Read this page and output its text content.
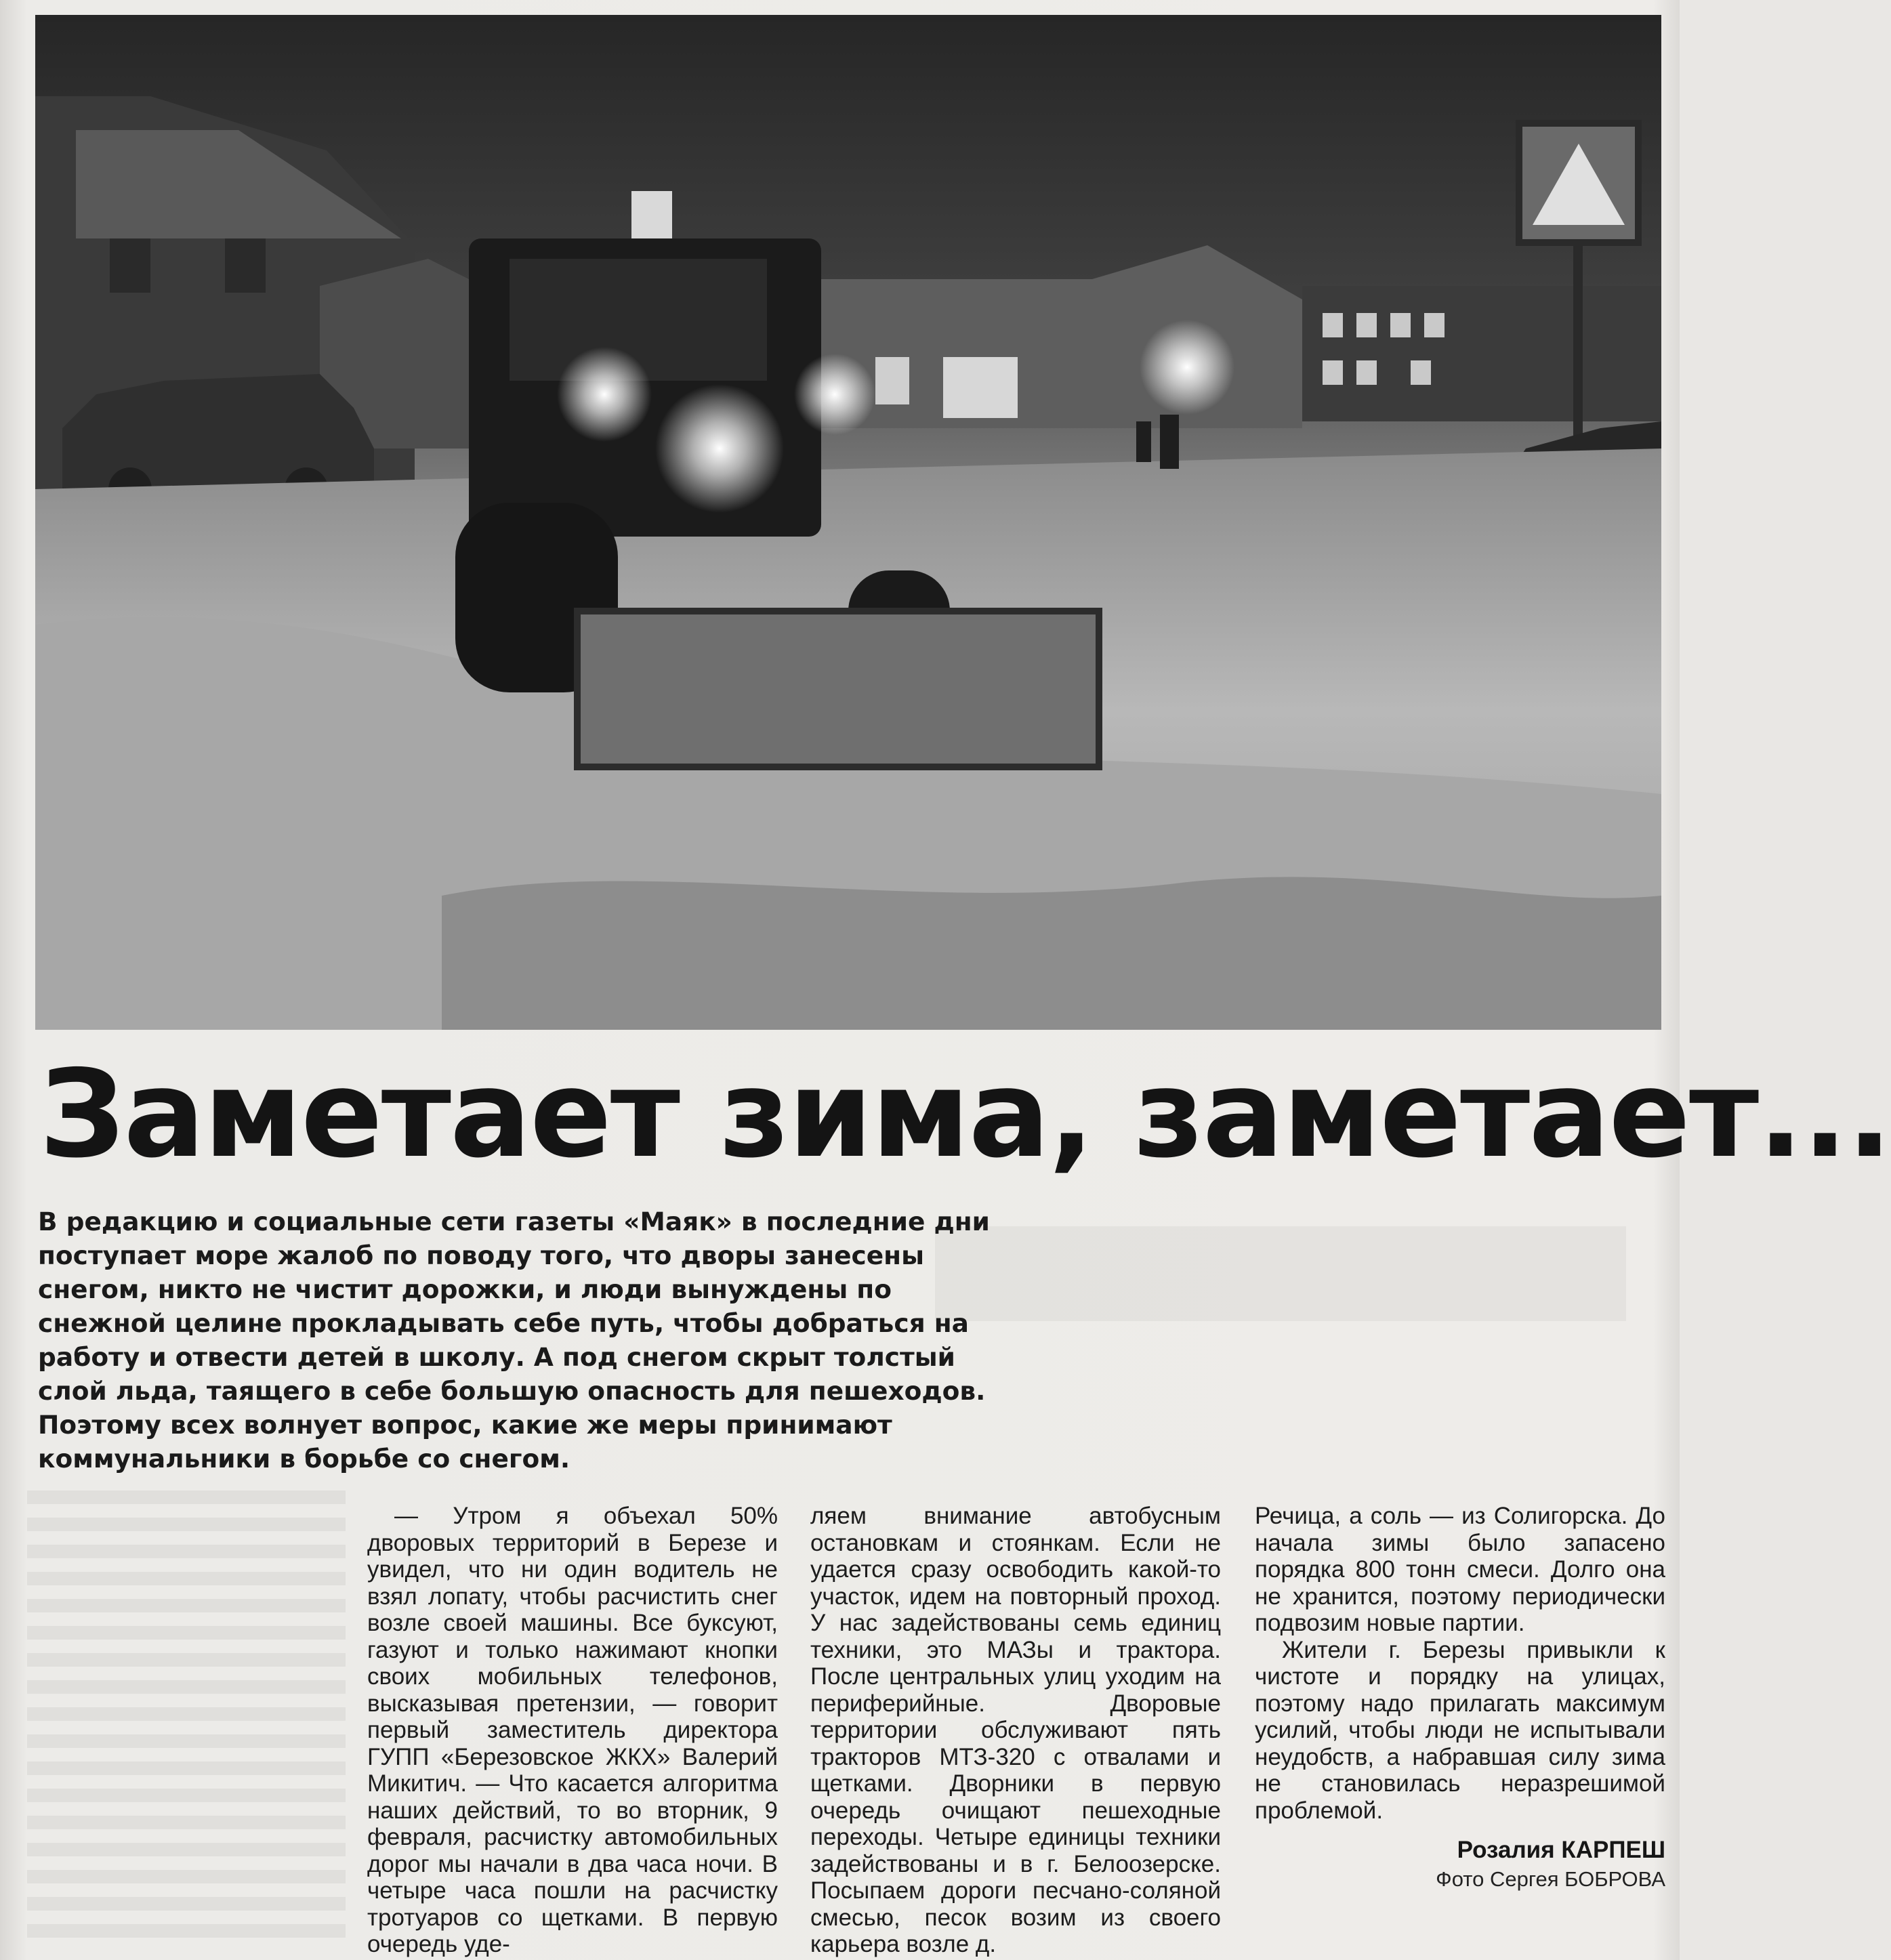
Заметает зима, заметает...
В редакцию и социальные сети газеты «Маяк» в последние дни поступает море жалоб по поводу того, что дворы занесены снегом, никто не чистит дорожки, и люди вынуждены по снежной целине прокладывать себе путь, чтобы добраться на работу и отвести детей в школу. А под снегом скрыт толстый слой льда, таящего в себе большую опасность для пешеходов. Поэтому всех волнует вопрос, какие же меры принимают коммунальники в борьбе со снегом.

— Утром я объехал 50% дворовых территорий в Березе и увидел, что ни один водитель не взял лопату, чтобы расчистить снег возле своей машины. Все буксуют, газуют и только нажимают кнопки своих мобильных телефонов, высказывая претензии, — говорит первый заместитель директора ГУПП «Березовское ЖКХ» Валерий Микитич. — Что касается алгоритма наших действий, то во вторник, 9 февраля, расчистку автомобильных дорог мы начали в два часа ночи. В четыре часа пошли на расчистку тротуаров со щетками. В первую очередь уде-

ляем внимание автобусным остановкам и стоянкам. Если не удается сразу освободить какой-то участок, идем на повторный проход. У нас задействованы семь единиц техники, это МАЗы и трактора. После центральных улиц уходим на периферийные. Дворовые территории обслуживают пять тракторов МТЗ-320 с отвалами и щетками. Дворники в первую очередь очищают пешеходные переходы. Четыре единицы техники задействованы и в г. Белоозерске. Посыпаем дороги песчано-соляной смесью, песок возим из своего карьера возле д.

Речица, а соль — из Солигорска. До начала зимы было запасено порядка 800 тонн смеси. Долго она не хранится, поэтому периодически подвозим новые партии.

Жители г. Березы привыкли к чистоте и порядку на улицах, поэтому надо прилагать максимум усилий, чтобы люди не испытывали неудобств, а набравшая силу зима не становилась неразрешимой проблемой.

Розалия КАРПЕШ
Фото Сергея БОБРОВА
